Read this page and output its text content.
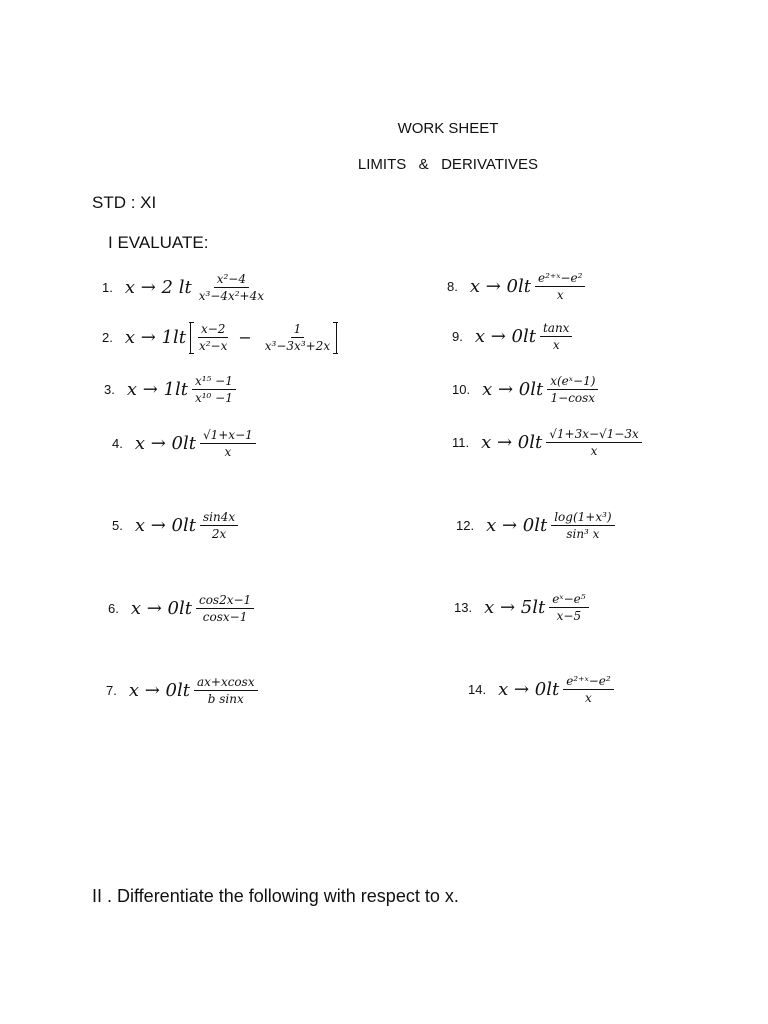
WORK SHEET
LIMITS & DERIVATIVES
STD : XI
I EVALUATE:
1. x → 2 lt $\frac{\text{x²−4}}{\text{x³−4x²+4x}}$
2. $x \to 1lt \frac{x-2}{\text{x²−x}} - \frac{1}{\text{x³−3x³+2x}}$
3. $x \to 1lt \frac{\text{x¹⁵ −1}}{\text{x¹⁰ −1}}$
4. $x \to 0lt \frac{√1+x-1}{x}$
5. $x \to 0lt \frac{\sin 4x}{2x}$
6. $x \to 0lt \frac{\cos 2x-1}{\cos x-1}$
7. $x \to 0lt \frac{ax+xcosx}{\text{b sinx}}$
8. $x \to 0lt \frac{\text{e²⁺ˣ−e²}}{x}$
9. $x \to 0lt \frac{\tan x}{x}$
10. $x \to 0lt \frac{\text{x(eˣ−1)}}{1-\cos x}$
11. $x \to 0lt \frac{√1+3x-√1-3x}{x}$
12. $x \to 0lt \frac{\text{log(1+x³)}}{\text{sin³ x}}$
13. $x \to 5lt \frac{\text{eˣ−e⁵}}{x-5}$
14. $x \to 0lt \frac{\text{e²⁺ˣ−e²}}{x}$
II . Differentiate the following with respect to x.
